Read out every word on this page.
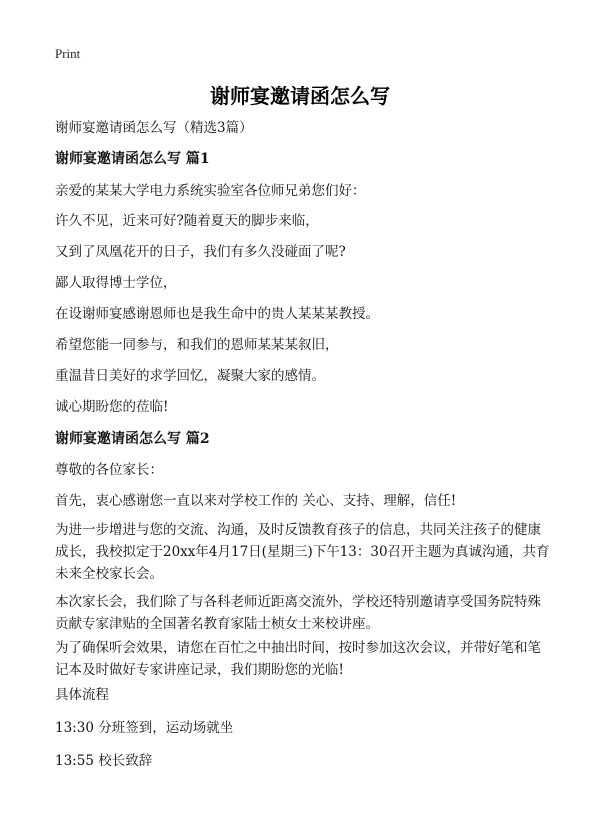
Print
谢师宴邀请函怎么写
谢师宴邀请函怎么写（精选3篇）
谢师宴邀请函怎么写 篇1
亲爱的某某大学电力系统实验室各位师兄弟您们好：
许久不见，近来可好?随着夏天的脚步来临，
又到了凤凰花开的日子，我们有多久没碰面了呢?
鄙人取得博士学位，
在设谢师宴感谢恩师也是我生命中的贵人某某某教授。
希望您能一同参与，和我们的恩师某某某叙旧，
重温昔日美好的求学回忆，凝聚大家的感情。
诚心期盼您的莅临!
谢师宴邀请函怎么写 篇2
尊敬的各位家长：
首先，衷心感谢您一直以来对学校工作的 关心、支持、理解，信任!
为进一步增进与您的交流、沟通，及时反馈教育孩子的信息，共同关注孩子的健康
成长，我校拟定于20xx年4月17日(星期三)下午13：30召开主题为真诚沟通，共育
未来全校家长会。
本次家长会，我们除了与各科老师近距离交流外，学校还特别邀请享受国务院特殊
贡献专家津贴的全国著名教育家陆士桢女士来校讲座。
为了确保听会效果，请您在百忙之中抽出时间，按时参加这次会议，并带好笔和笔
记本及时做好专家讲座记录，我们期盼您的光临!
具体流程
13:30 分班签到，运动场就坐
13:55 校长致辞
